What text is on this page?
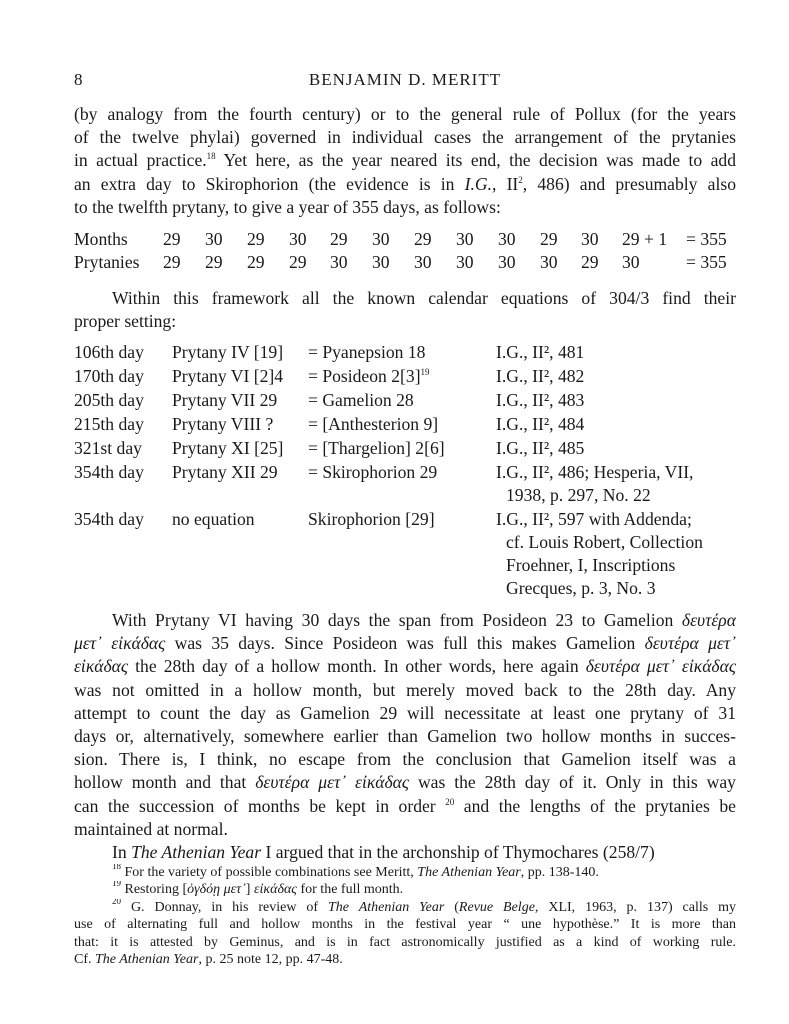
8	BENJAMIN D. MERITT
(by analogy from the fourth century) or to the general rule of Pollux (for the years
of the twelve phylai) governed in individual cases the arrangement of the prytanies
in actual practice.$^{18}$ Yet here, as the year neared its end, the decision was made to add
an extra day to Skirophorion (the evidence is in I.G., $II^2$, 486) and presumably also
to the twelfth prytany, to give a year of 355 days, as follows:
Months 29 30 29 30 29 30 29 30 30 29 30 29 + 1 = 355
Prytanies 29 29 29 29 30 30 30 30 30 30 29 30	= 355
Within this framework all the known calendar equations of 304/3 find their
proper setting:
106th day Prytany IV [19] = Pyanepsion 18	I.G., II², 481
170th day Prytany VI [2]4 = Posideon $2[3]^{19}$	I.G., II², 482
205th day Prytany VII 29 = Gamelion 28	I.G., II², 483
215th day Prytany VIII ? = [Anthesterion 9]	I.G., II², 484
321st day Prytany XI [25] = [Thargelion] 2[6]	I.G., II², 485
354th day Prytany XII 29 = Skirophorion 29	I.G., II², 486; Hesperia, VII,
1938, p. 297, No. 22
354th day no equation	Skirophorion [29]	I.G., II², 597 with Addenda;
cf. Louis Robert, Collection
Froehner, I, Inscriptions
Grecques, p. 3, No. 3
With Prytany VI having 30 days the span from Posideon 23 to Gamelion δευτέρα
μετ᾽ εἰκάδας was 35 days. Since Posideon was full this makes Gamelion δευτέρα μετ᾽
εἰκάδας the 28th day of a hollow month. In other words, here again δευτέρα μετ᾽ εἰκάδας
was not omitted in a hollow month, but merely moved back to the 28th day. Any
attempt to count the day as Gamelion 29 will necessitate at least one prytany of 31
days or, alternatively, somewhere earlier than Gamelion two hollow months in succes-
sion. There is, I think, no escape from the conclusion that Gamelion itself was a
hollow month and that δευτέρα μετ᾽ εἰκάδας was the 28th day of it. Only in this way
can the succession of months be kept in order $^{20}$ and the lengths of the prytanies be
maintained at normal.
In The Athenian Year I argued that in the archonship of Thymochares (258/7)
$^{18}$ For the variety of possible combinations see Meritt, The Athenian Year, pp. 138-140.
$^{19}$ Restoring [ὀγδόῃ μετ᾽] εἰκάδας for the full month.
$^{20}$ G. Donnay, in his review of The Athenian Year (Revue Belge, XLI, 1963, p. 137) calls my
use of alternating full and hollow months in the festival year “ une hypothèse.” It is more than
that: it is attested by Geminus, and is in fact astronomically justified as a kind of working rule.
Cf. The Athenian Year, p. 25 note 12, pp. 47-48.
